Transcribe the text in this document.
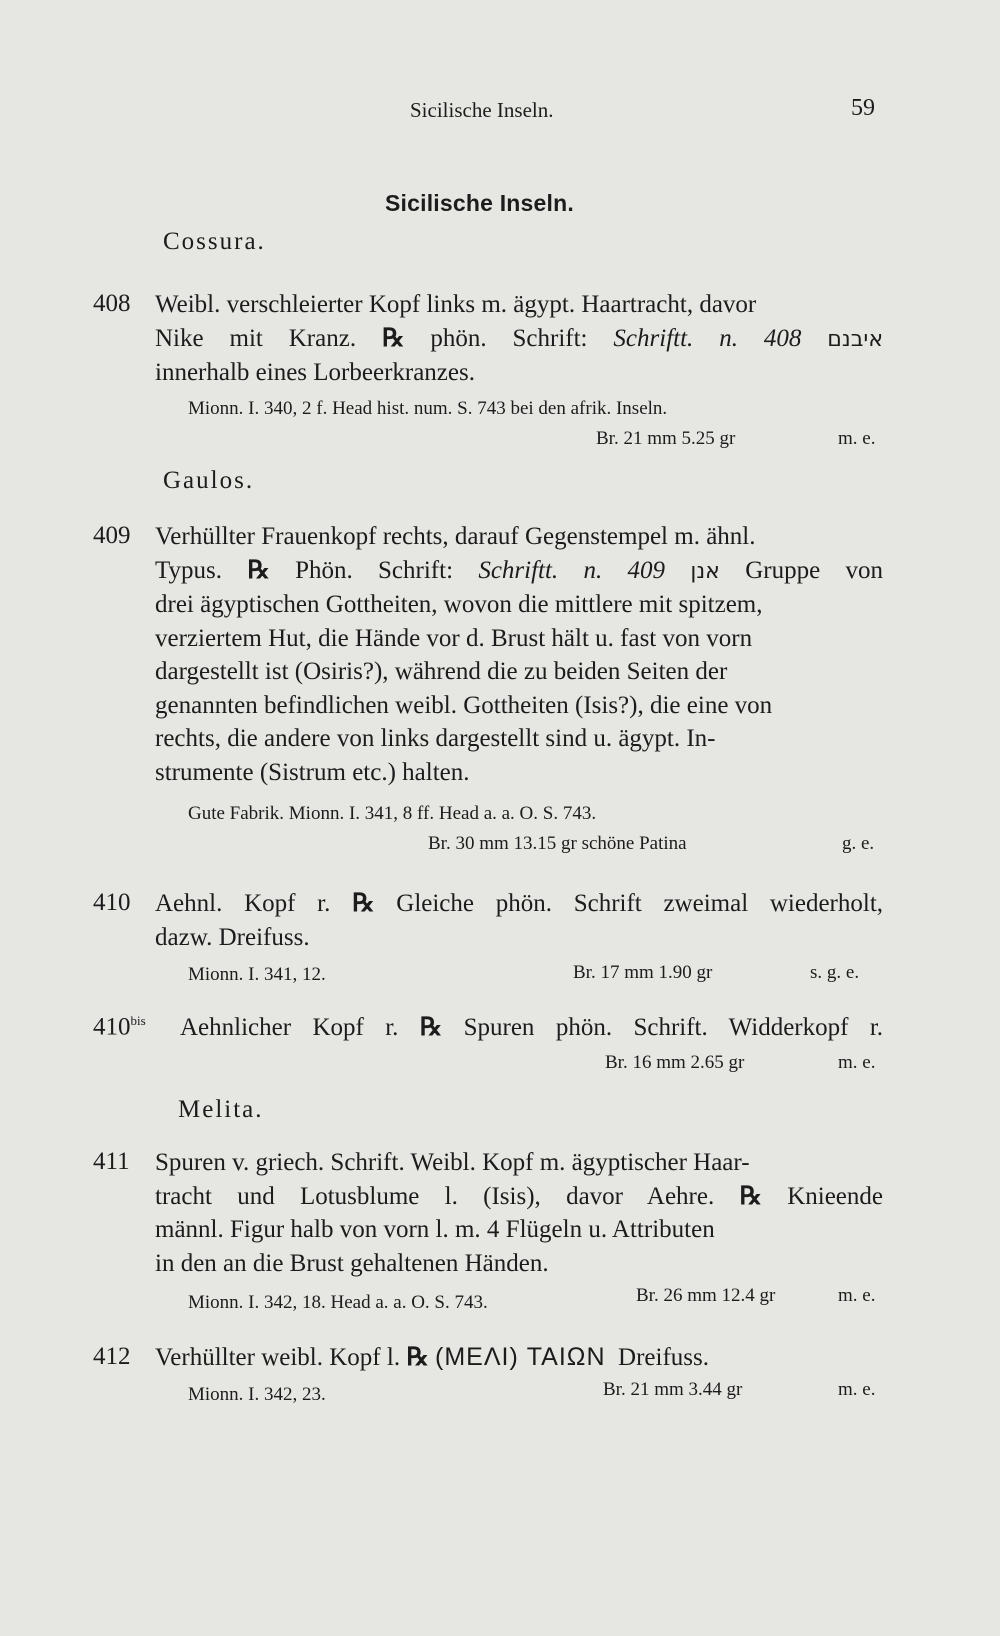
Sicilische Inseln.	59
Sicilische Inseln.
Cossura.
408 Weibl. verschleierter Kopf links m. ägypt. Haartracht, davor
Nike mit Kranz. ℞ phön. Schrift: Schriftt. n. 408 איבנם
innerhalb eines Lorbeerkranzes.
Mionn. I. 340, 2 f. Head hist. num. S. 743 bei den afrik. Inseln.
Br. 21 mm 5.25 gr	m. e.
Gaulos.
409 Verhüllter Frauenkopf rechts, darauf Gegenstempel m. ähnl.
Typus. ℞ Phön. Schrift: Schriftt. n. 409 אנן Gruppe von
drei ägyptischen Gottheiten, wovon die mittlere mit spitzem,
verziertem Hut, die Hände vor d. Brust hält u. fast von vorn
dargestellt ist (Osiris?), während die zu beiden Seiten der
genannten befindlichen weibl. Gottheiten (Isis?), die eine von
rechts, die andere von links dargestellt sind u. ägypt. In-
strumente (Sistrum etc.) halten.
Gute Fabrik. Mionn. I. 341, 8 ff. Head a. a. O. S. 743.
Br. 30 mm 13.15 gr schöne Patina	g. e.
410 Aehnl. Kopf r. ℞ Gleiche phön. Schrift zweimal wiederholt,
dazw. Dreifuss.
Mionn. I. 341, 12.	Br. 17 mm 1.90 gr	s. g. e.
$410^{bis}$ Aehnlicher Kopf r. ℞ Spuren phön. Schrift. Widderkopf r.
Br. 16 mm 2.65 gr	m. e.
Melita.
411 Spuren v. griech. Schrift. Weibl. Kopf m. ägyptischer Haar-
tracht und Lotusblume l. (Isis), davor Aehre. ℞ Knieende
männl. Figur halb von vorn l. m. 4 Flügeln u. Attributen
in den an die Brust gehaltenen Händen.
Mionn. I. 342, 18. Head a. a. O. S. 743.	Br. 26 mm 12.4 gr	m. e.
412 Verhüllter weibl. Kopf l. ℞ (ΜΕΛΙ) ΤΑΙΩΝ Dreifuss.
Mionn. I. 342, 23.	Br. 21 mm 3.44 gr	m. e.
